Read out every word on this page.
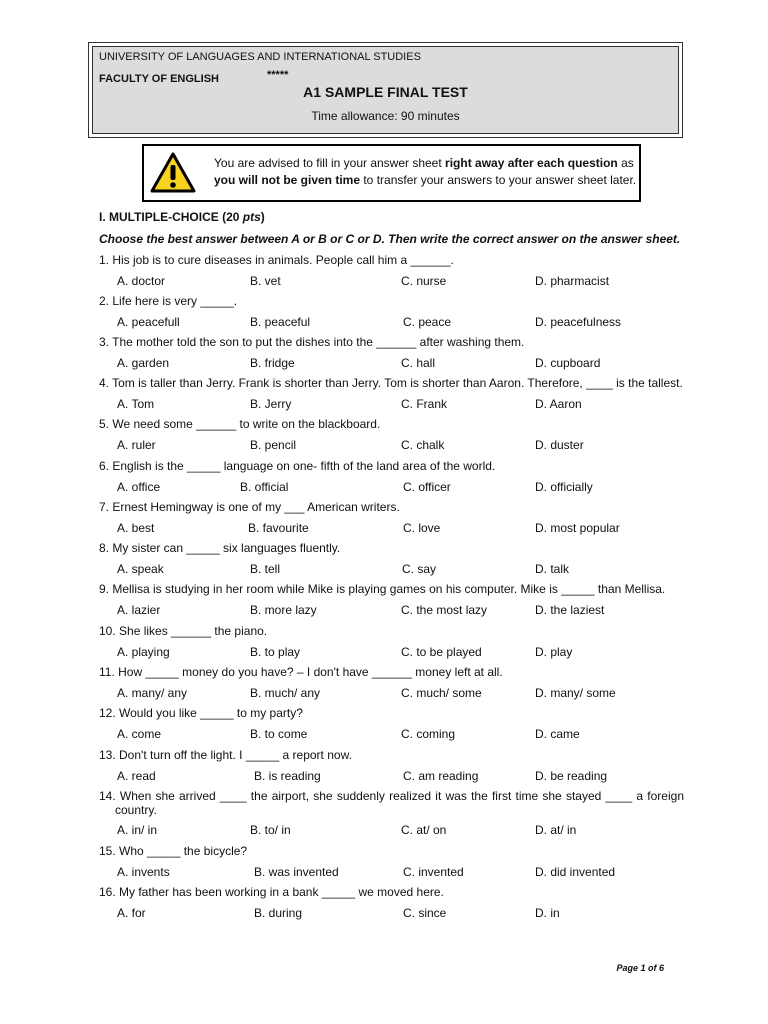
UNIVERSITY OF LANGUAGES AND INTERNATIONAL STUDIES
FACULTY OF ENGLISH	*****
A1 SAMPLE FINAL TEST
Time allowance: 90 minutes
You are advised to fill in your answer sheet right away after each question as you will not be given time to transfer your answers to your answer sheet later.
I. MULTIPLE-CHOICE (20 pts)
Choose the best answer between A or B or C or D. Then write the correct answer on the answer sheet.
1. His job is to cure diseases in animals. People call him a ______.
A. doctor	B. vet	C. nurse	D. pharmacist
2. Life here is very _____.
A. peacefull	B. peaceful	C. peace	D. peacefulness
3. The mother told the son to put the dishes into the ______ after washing them.
A. garden	B. fridge	C. hall	D. cupboard
4. Tom is taller than Jerry. Frank is shorter than Jerry. Tom is shorter than Aaron. Therefore, ____ is the tallest.
A. Tom	B. Jerry	C. Frank	D. Aaron
5. We need some ______ to write on the blackboard.
A. ruler	B. pencil	C. chalk	D. duster
6. English is the _____ language on one- fifth of the land area of the world.
A. office	B. official	C. officer	D. officially
7. Ernest Hemingway is one of my ___ American writers.
A. best	B. favourite	C. love	D. most popular
8. My sister can _____ six languages fluently.
A. speak	B. tell	C. say	D. talk
9. Mellisa is studying in her room while Mike is playing games on his computer. Mike is _____ than Mellisa.
A. lazier	B. more lazy	C. the most lazy	D. the laziest
10. She likes ______ the piano.
A. playing	B. to play	C. to be played	D. play
11. How _____ money do you have? – I don't have ______ money left at all.
A. many/ any	B. much/ any	C. much/ some	D. many/ some
12. Would you like _____ to my party?
A. come	B. to come	C. coming	D. came
13. Don't turn off the light. I _____ a report now.
A. read	B. is reading	C. am reading	D. be reading
14. When she arrived ____ the airport, she suddenly realized it was the first time she stayed ____ a foreign country.
A. in/ in	B. to/ in	C. at/ on	D. at/ in
15. Who _____ the bicycle?
A. invents	B. was invented	C. invented	D. did invented
16. My father has been working in a bank _____ we moved here.
A. for	B. during	C. since	D. in
Page 1 of 6
